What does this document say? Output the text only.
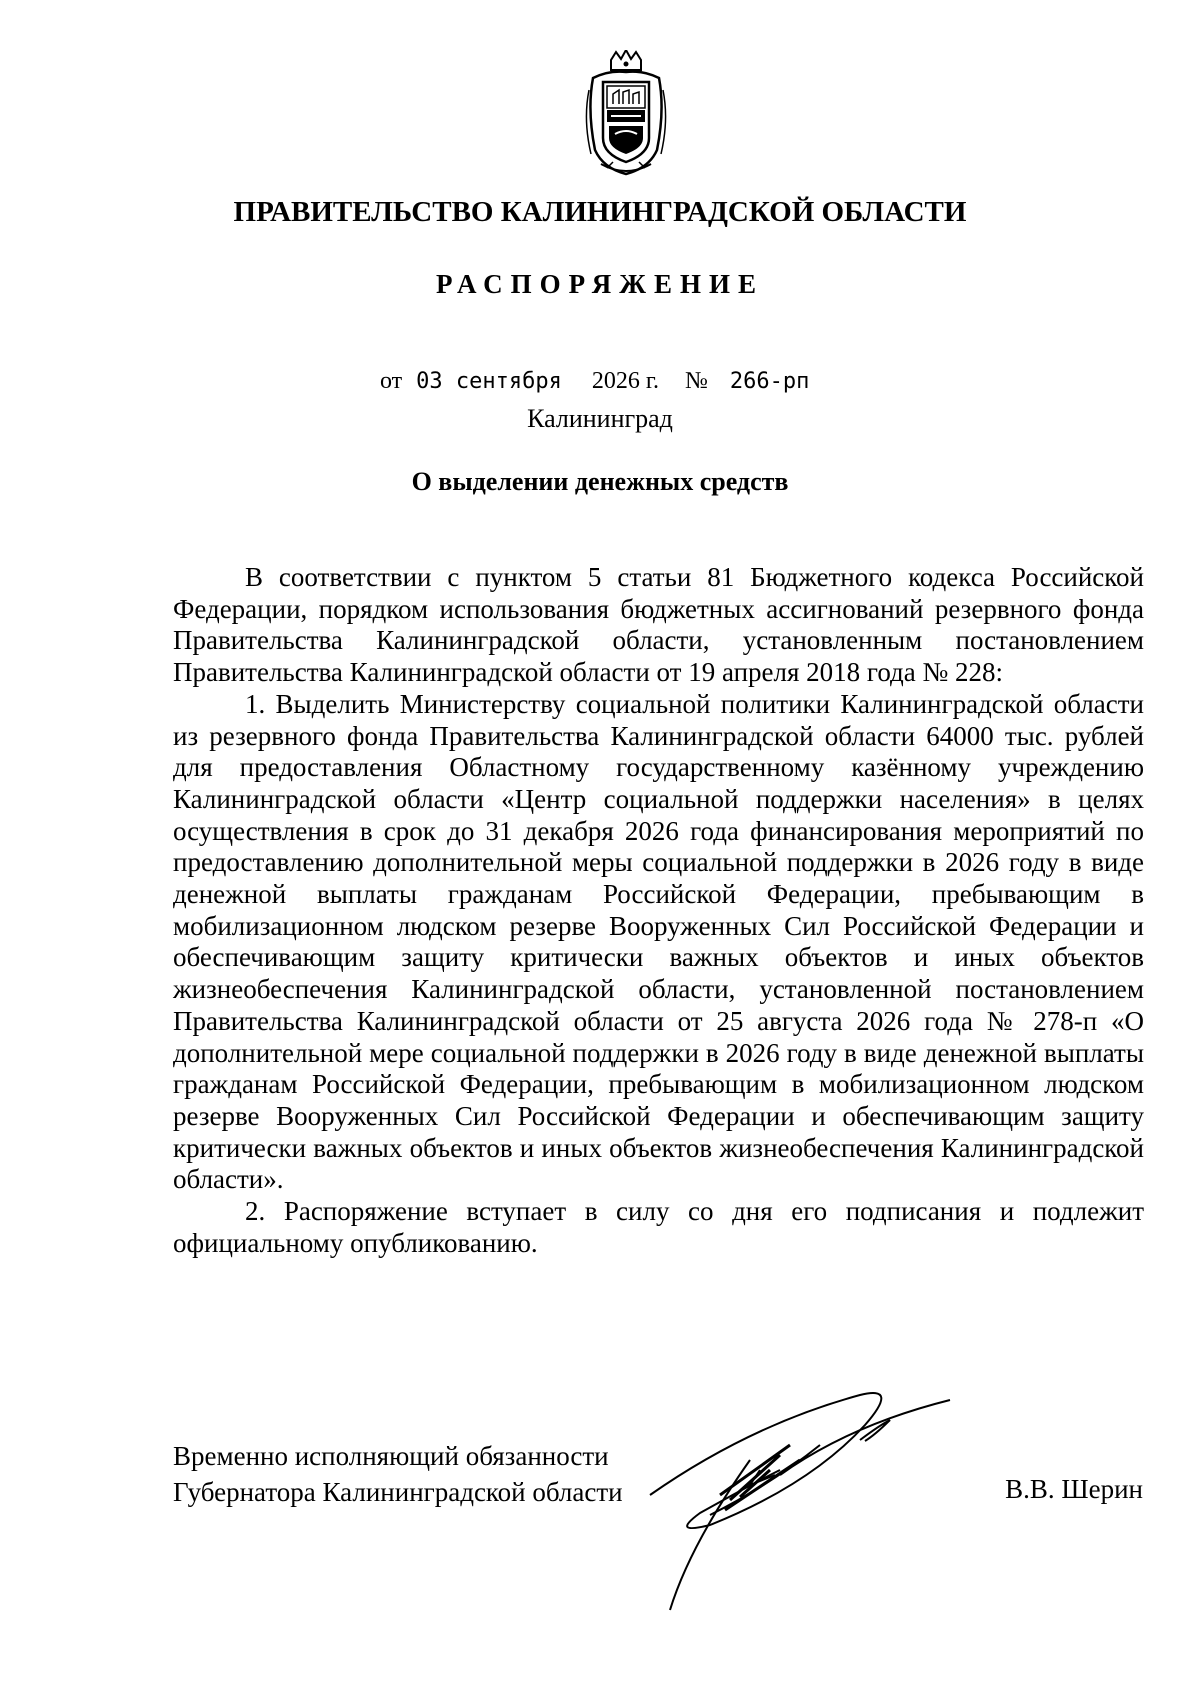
ПРАВИТЕЛЬСТВО КАЛИНИНГРАДСКОЙ ОБЛАСТИ
РАСПОРЯЖЕНИЕ
от 03 сентября 2026 г. № 266-рп
Калининград
О выделении денежных средств

В соответствии с пунктом 5 статьи 81 Бюджетного кодекса Российской Федерации, порядком использования бюджетных ассигнований резервного фонда Правительства Калининградской области, установленным постановлением Правительства Калининградской области от 19 апреля 2018 года № 228:

1. Выделить Министерству социальной политики Калининградской области из резервного фонда Правительства Калининградской области 64000 тыс. рублей для предоставления Областному государственному казённому учреждению Калининградской области «Центр социальной поддержки населения» в целях осуществления в срок до 31 декабря 2026 года финансирования мероприятий по предоставлению дополнительной меры социальной поддержки в 2026 году в виде денежной выплаты гражданам Российской Федерации, пребывающим в мобилизационном людском резерве Вооруженных Сил Российской Федерации и обеспечивающим защиту критически важных объектов и иных объектов жизнеобеспечения Калининградской области, установленной постановлением Правительства Калининградской области от 25 августа 2026 года № 278-п «О дополнительной мере социальной поддержки в 2026 году в виде денежной выплаты гражданам Российской Федерации, пребывающим в мобилизационном людском резерве Вооруженных Сил Российской Федерации и обеспечивающим защиту критически важных объектов и иных объектов жизнеобеспечения Калининградской области».

2. Распоряжение вступает в силу со дня его подписания и подлежит официальному опубликованию.

Временно исполняющий обязанности
Губернатора Калининградской области	В.В. Шерин
